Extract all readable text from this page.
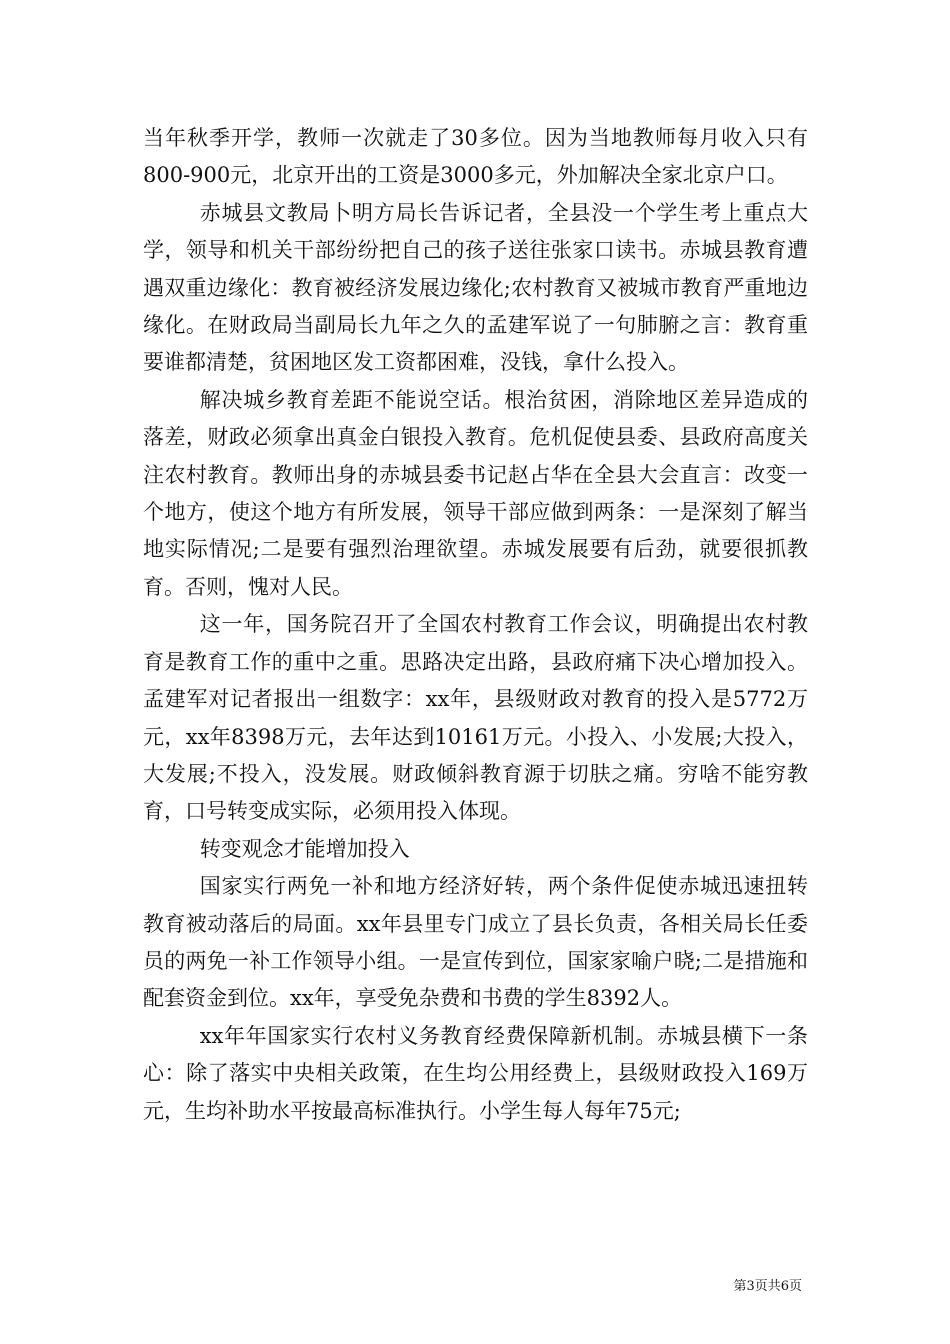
当年秋季开学，教师一次就走了30多位。因为当地教师每月收入只有800-900元，北京开出的工资是3000多元，外加解决全家北京户口。

赤城县文教局卜明方局长告诉记者，全县没一个学生考上重点大学，领导和机关干部纷纷把自己的孩子送往张家口读书。赤城县教育遭遇双重边缘化：教育被经济发展边缘化;农村教育又被城市教育严重地边缘化。在财政局当副局长九年之久的孟建军说了一句肺腑之言：教育重要谁都清楚，贫困地区发工资都困难，没钱，拿什么投入。

解决城乡教育差距不能说空话。根治贫困，消除地区差异造成的落差，财政必须拿出真金白银投入教育。危机促使县委、县政府高度关注农村教育。教师出身的赤城县委书记赵占华在全县大会直言：改变一个地方，使这个地方有所发展，领导干部应做到两条：一是深刻了解当地实际情况;二是要有强烈治理欲望。赤城发展要有后劲，就要很抓教育。否则，愧对人民。

这一年，国务院召开了全国农村教育工作会议，明确提出农村教育是教育工作的重中之重。思路决定出路，县政府痛下决心增加投入。孟建军对记者报出一组数字：xx年，县级财政对教育的投入是5772万元，xx年8398万元，去年达到10161万元。小投入、小发展;大投入，大发展;不投入，没发展。财政倾斜教育源于切肤之痛。穷啥不能穷教育，口号转变成实际，必须用投入体现。

转变观念才能增加投入

国家实行两免一补和地方经济好转，两个条件促使赤城迅速扭转教育被动落后的局面。xx年县里专门成立了县长负责，各相关局长任委员的两免一补工作领导小组。一是宣传到位，国家家喻户晓;二是措施和配套资金到位。xx年，享受免杂费和书费的学生8392人。

xx年年国家实行农村义务教育经费保障新机制。赤城县横下一条心：除了落实中央相关政策，在生均公用经费上，县级财政投入169万元，生均补助水平按最高标准执行。小学生每人每年75元;

第3页共6页
